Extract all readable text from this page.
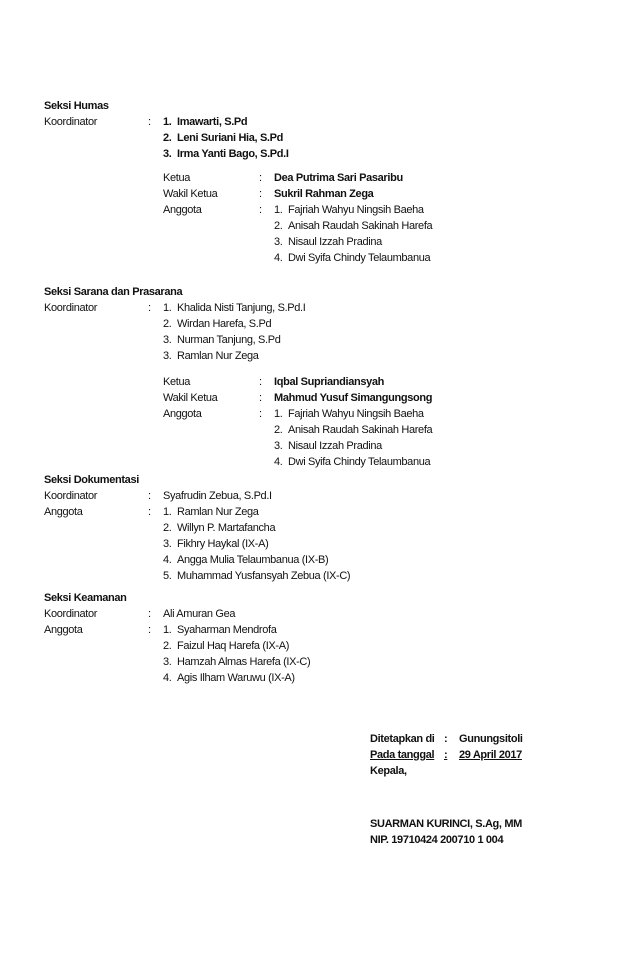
Seksi Humas
Koordinator	: 1. Imawarti, S.Pd
2. Leni Suriani Hia, S.Pd
3. Irma Yanti Bago, S.Pd.I
Ketua	: Dea Putrima Sari Pasaribu
Wakil Ketua	: Sukril Rahman Zega
Anggota	: 1. Fajriah Wahyu Ningsih Baeha
2. Anisah Raudah Sakinah Harefa
3. Nisaul Izzah Pradina
4. Dwi Syifa Chindy Telaumbanua
Seksi Sarana dan Prasarana
Koordinator	: 1. Khalida Nisti Tanjung, S.Pd.I
2. Wirdan Harefa, S.Pd
3. Nurman Tanjung, S.Pd
3. Ramlan Nur Zega
Ketua	: Iqbal Supriandiansyah
Wakil Ketua	: Mahmud Yusuf Simangungsong
Anggota	: 1. Fajriah Wahyu Ningsih Baeha
2. Anisah Raudah Sakinah Harefa
3. Nisaul Izzah Pradina
4. Dwi Syifa Chindy Telaumbanua
Seksi Dokumentasi
Koordinator	: Syafrudin Zebua, S.Pd.I
Anggota	: 1. Ramlan Nur Zega
2. Willyn P. Martafancha
3. Fikhry Haykal (IX-A)
4. Angga Mulia Telaumbanua (IX-B)
5. Muhammad Yusfansyah Zebua (IX-C)
Seksi Keamanan
Koordinator	: Ali Amuran Gea
Anggota	: 1. Syaharman Mendrofa
2. Faizul Haq Harefa (IX-A)
3. Hamzah Almas Harefa (IX-C)
4. Agis Ilham Waruwu (IX-A)
Ditetapkan di : Gunungsitoli
Pada tanggal :	29 April 2017
Kepala,
SUARMAN KURINCI, S.Ag, MM
NIP. 19710424 200710 1 004
